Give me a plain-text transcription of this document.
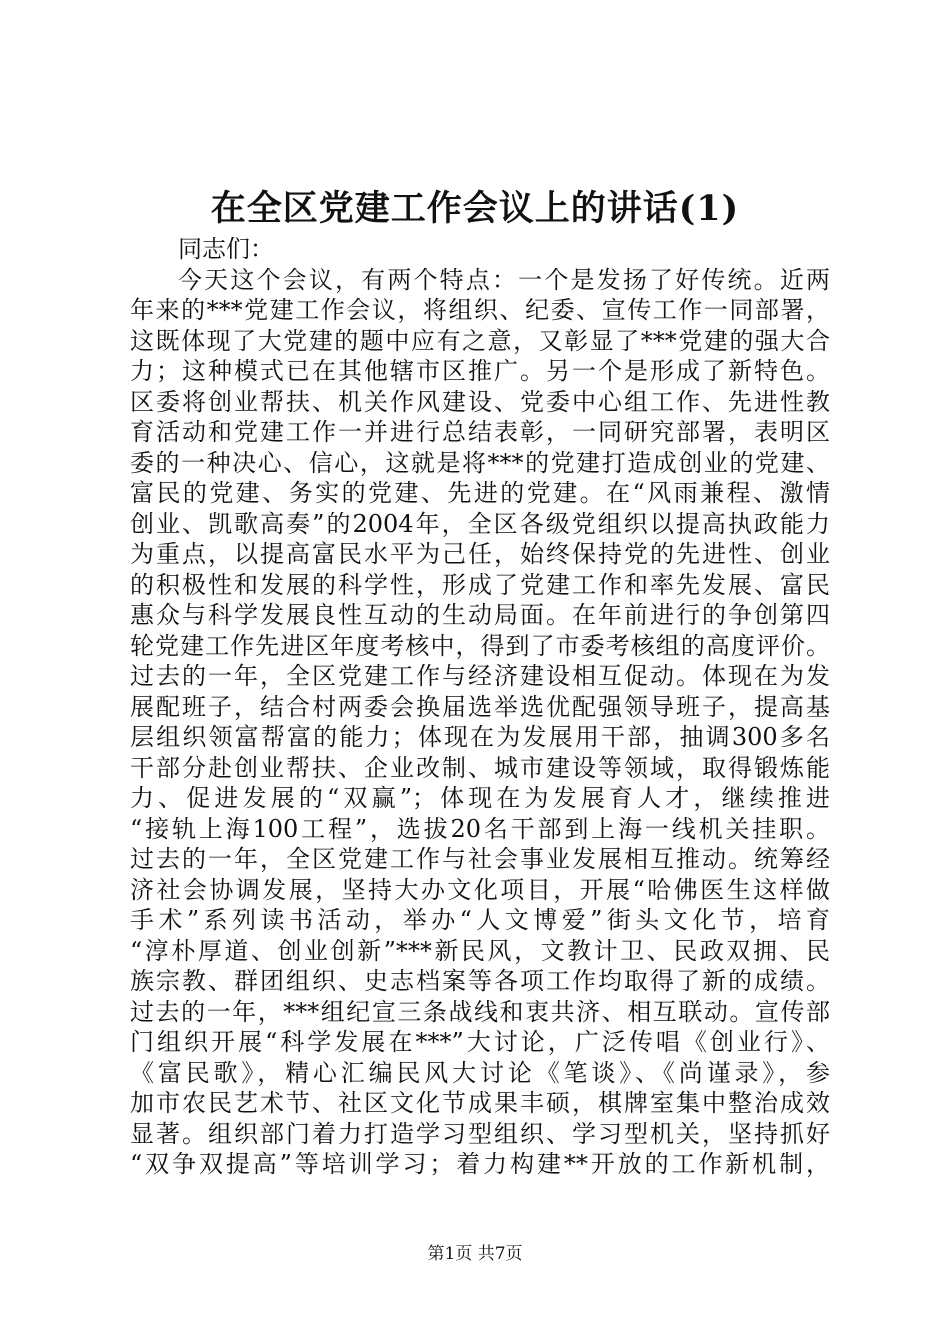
在全区党建工作会议上的讲话(1)
同志们：
今天这个会议，有两个特点：一个是发扬了好传统。近两
年来的***党建工作会议，将组织、纪委、宣传工作一同部署，
这既体现了大党建的题中应有之意，又彰显了***党建的强大合
力；这种模式已在其他辖市区推广。另一个是形成了新特色。
区委将创业帮扶、机关作风建设、党委中心组工作、先进性教
育活动和党建工作一并进行总结表彰，一同研究部署，表明区
委的一种决心、信心，这就是将***的党建打造成创业的党建、
富民的党建、务实的党建、先进的党建。在“风雨兼程、激情
创业、凯歌高奏”的2004年，全区各级党组织以提高执政能力
为重点，以提高富民水平为己任，始终保持党的先进性、创业
的积极性和发展的科学性，形成了党建工作和率先发展、富民
惠众与科学发展良性互动的生动局面。在年前进行的争创第四
轮党建工作先进区年度考核中，得到了市委考核组的高度评价。
过去的一年，全区党建工作与经济建设相互促动。体现在为发
展配班子，结合村两委会换届选举选优配强领导班子，提高基
层组织领富帮富的能力；体现在为发展用干部，抽调300多名
干部分赴创业帮扶、企业改制、城市建设等领域，取得锻炼能
力、促进发展的“双赢”；体现在为发展育人才，继续推进
“接轨上海100工程”，选拔20名干部到上海一线机关挂职。
过去的一年，全区党建工作与社会事业发展相互推动。统筹经
济社会协调发展，坚持大办文化项目，开展“哈佛医生这样做
手术”系列读书活动，举办“人文博爱”街头文化节，培育
“淳朴厚道、创业创新”***新民风，文教计卫、民政双拥、民
族宗教、群团组织、史志档案等各项工作均取得了新的成绩。
过去的一年，***组纪宣三条战线和衷共济、相互联动。宣传部
门组织开展“科学发展在***”大讨论，广泛传唱《创业行》、
《富民歌》，精心汇编民风大讨论《笔谈》、《尚谨录》，参
加市农民艺术节、社区文化节成果丰硕，棋牌室集中整治成效
显著。组织部门着力打造学习型组织、学习型机关，坚持抓好
“双争双提高”等培训学习；着力构建**开放的工作新机制，
第1页 共7页
